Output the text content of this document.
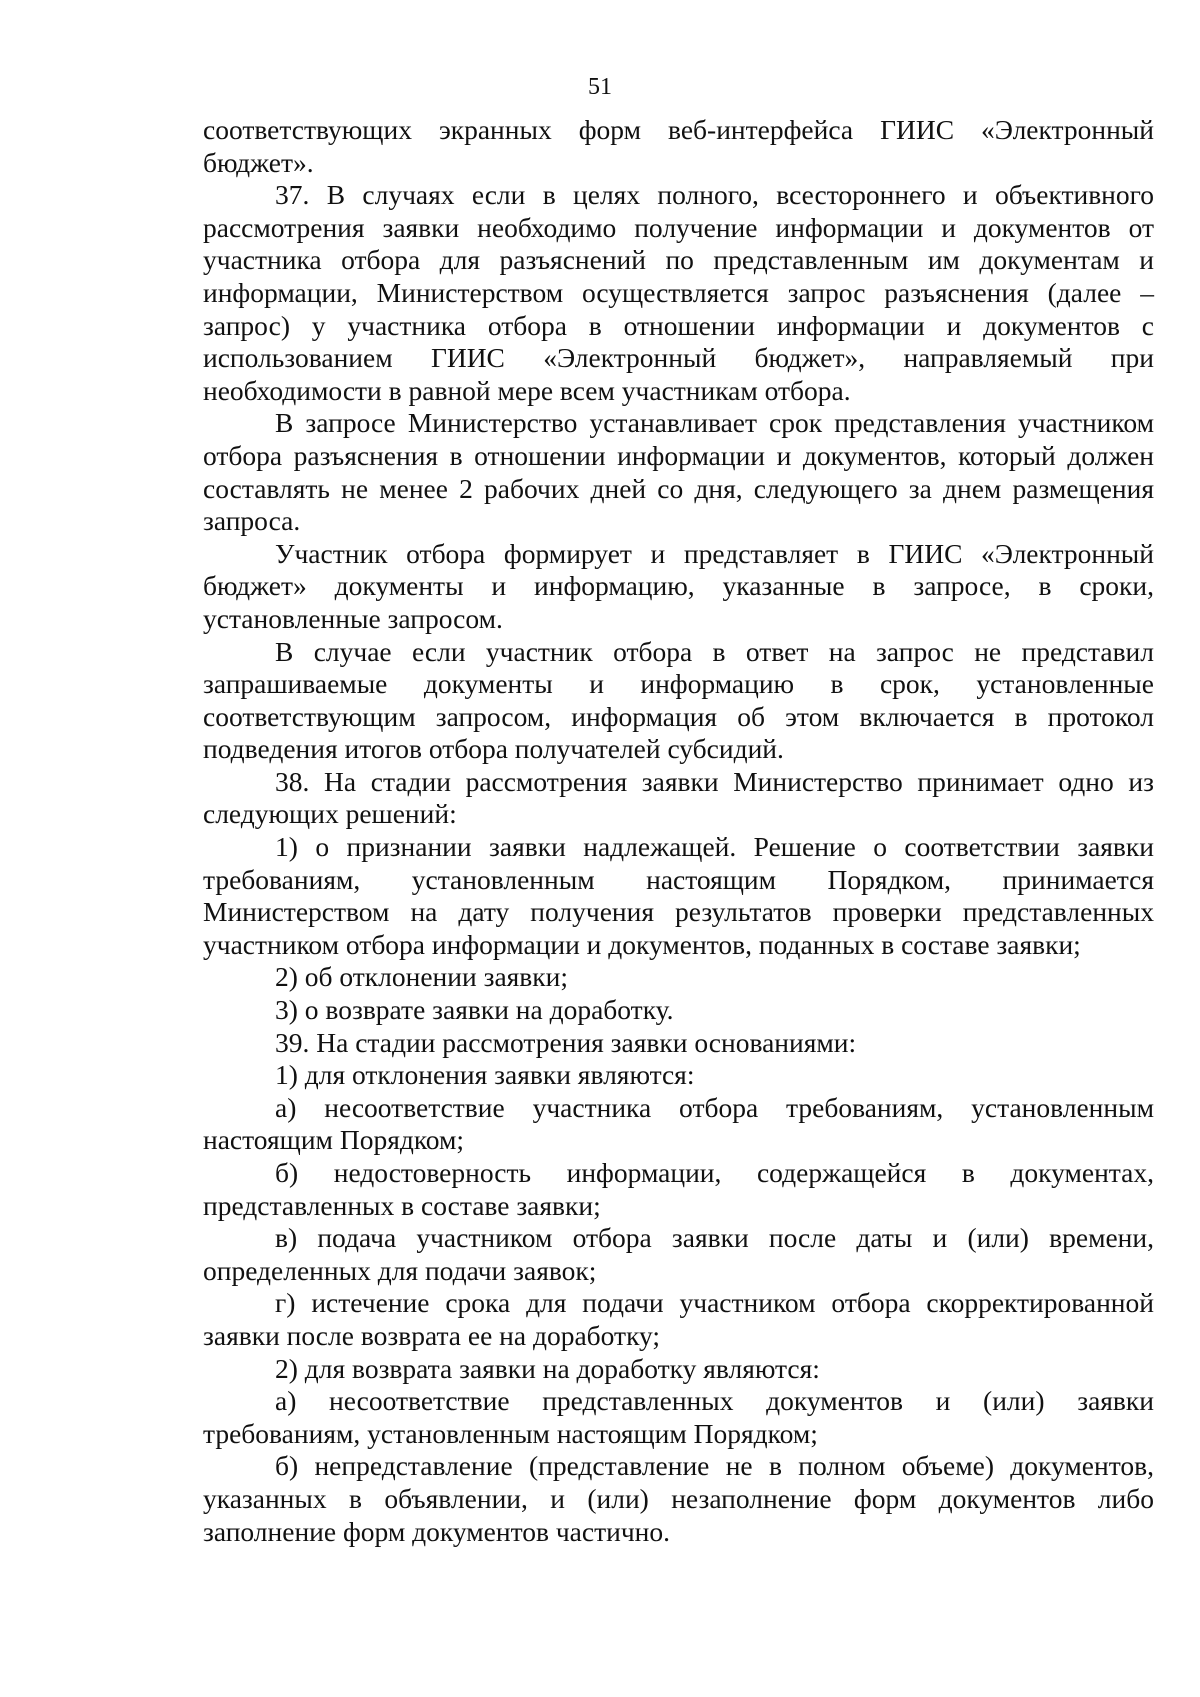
51

соответствующих экранных форм веб-интерфейса ГИИС «Электронный бюджет».

37. В случаях если в целях полного, всестороннего и объективного рассмотрения заявки необходимо получение информации и документов от участника отбора для разъяснений по представленным им документам и информации, Министерством осуществляется запрос разъяснения (далее – запрос) у участника отбора в отношении информации и документов с использованием ГИИС «Электронный бюджет», направляемый при необходимости в равной мере всем участникам отбора.

В запросе Министерство устанавливает срок представления участником отбора разъяснения в отношении информации и документов, который должен составлять не менее 2 рабочих дней со дня, следующего за днем размещения запроса.

Участник отбора формирует и представляет в ГИИС «Электронный бюджет» документы и информацию, указанные в запросе, в сроки, установленные запросом.

В случае если участник отбора в ответ на запрос не представил запрашиваемые документы и информацию в срок, установленные соответствующим запросом, информация об этом включается в протокол подведения итогов отбора получателей субсидий.

38. На стадии рассмотрения заявки Министерство принимает одно из следующих решений:

1) о признании заявки надлежащей. Решение о соответствии заявки требованиям, установленным настоящим Порядком, принимается Министерством на дату получения результатов проверки представленных участником отбора информации и документов, поданных в составе заявки;

2) об отклонении заявки;

3) о возврате заявки на доработку.

39. На стадии рассмотрения заявки основаниями:

1) для отклонения заявки являются:

а) несоответствие участника отбора требованиям, установленным настоящим Порядком;

б) недостоверность информации, содержащейся в документах, представленных в составе заявки;

в) подача участником отбора заявки после даты и (или) времени, определенных для подачи заявок;

г) истечение срока для подачи участником отбора скорректированной заявки после возврата ее на доработку;

2) для возврата заявки на доработку являются:

а) несоответствие представленных документов и (или) заявки требованиям, установленным настоящим Порядком;

б) непредставление (представление не в полном объеме) документов, указанных в объявлении, и (или) незаполнение форм документов либо заполнение форм документов частично.
